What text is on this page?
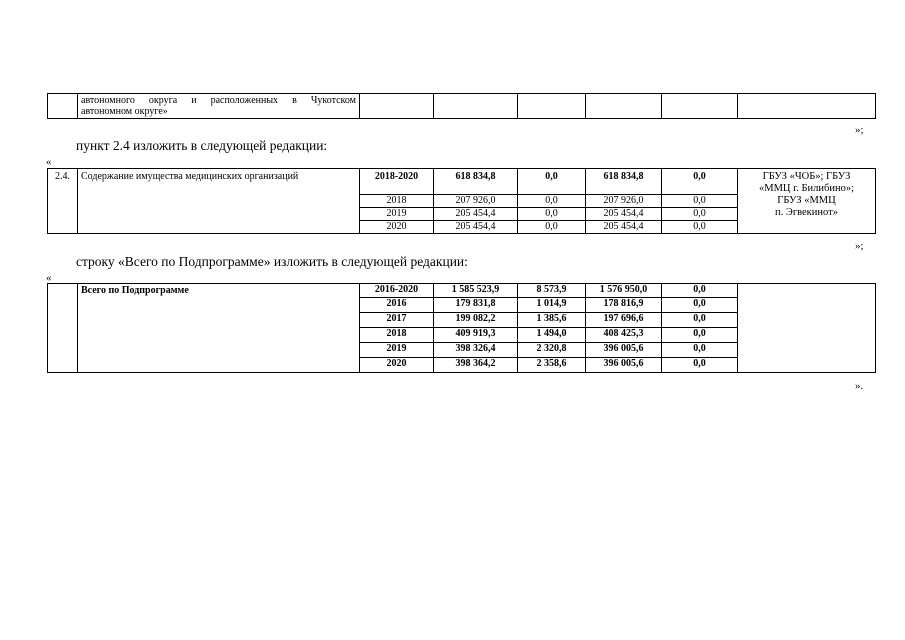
автономного округа и расположенных в Чукотском
автономном округе»

»;
пункт 2.4 изложить в следующей редакции:
«
2.4.	Содержание имущества медицинских организаций	2018-2020	618 834,8	0,0	618 834,8	0,0	ГБУЗ «ЧОБ»; ГБУЗ
«ММЦ г. Билибино»;
ГБУЗ «ММЦ
п. Эгвекинот»

		2018	207 926,0	0,0	207 926,0	0,0	
		2019	205 454,4	0,0	205 454,4	0,0	
		2020	205 454,4	0,0	205 454,4	0,0	
»;
строку «Всего по Подпрограмме» изложить в следующей редакции:
«
	Всего по Подпрограмме	2016-2020	1 585 523,9	8 573,9	1 576 950,0	0,0	
		2016	179 831,8	1 014,9	178 816,9	0,0	
		2017	199 082,2	1 385,6	197 696,6	0,0	
		2018	409 919,3	1 494,0	408 425,3	0,0	
		2019	398 326,4	2 320,8	396 005,6	0,0	
		2020	398 364,2	2 358,6	396 005,6	0,0	
».
